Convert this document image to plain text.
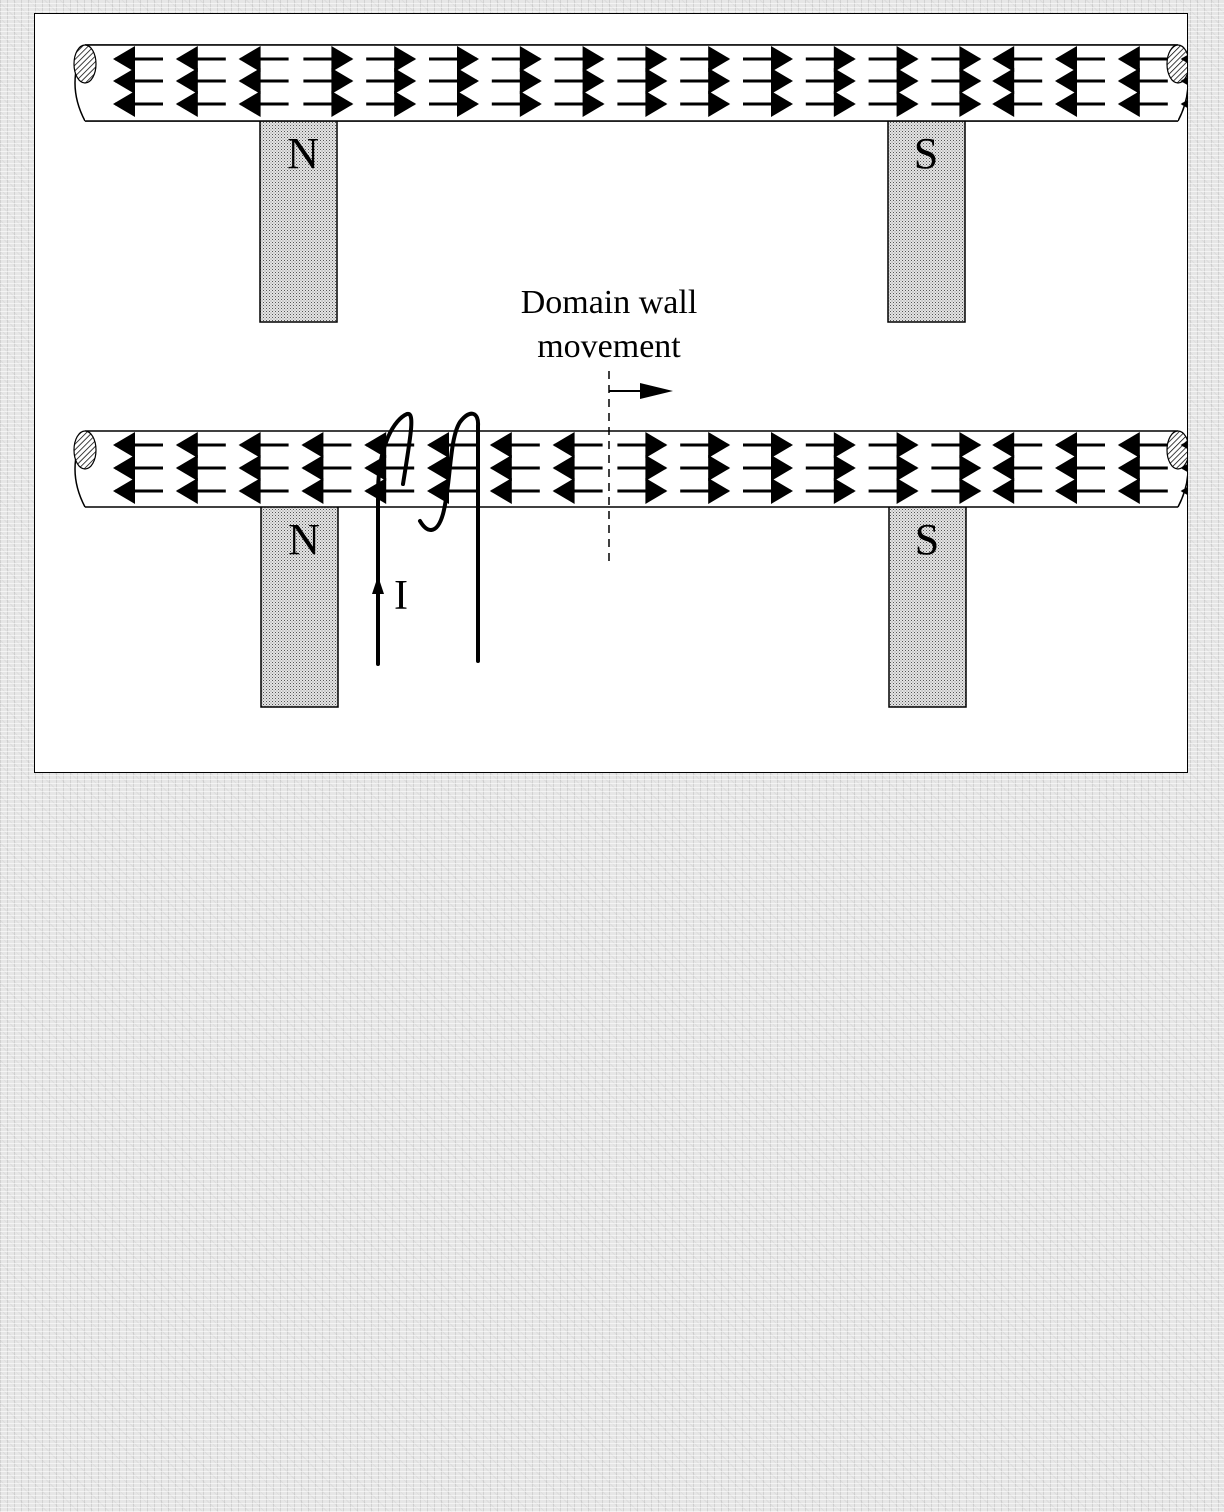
N	S
Domain wall
movement
N	S
I
